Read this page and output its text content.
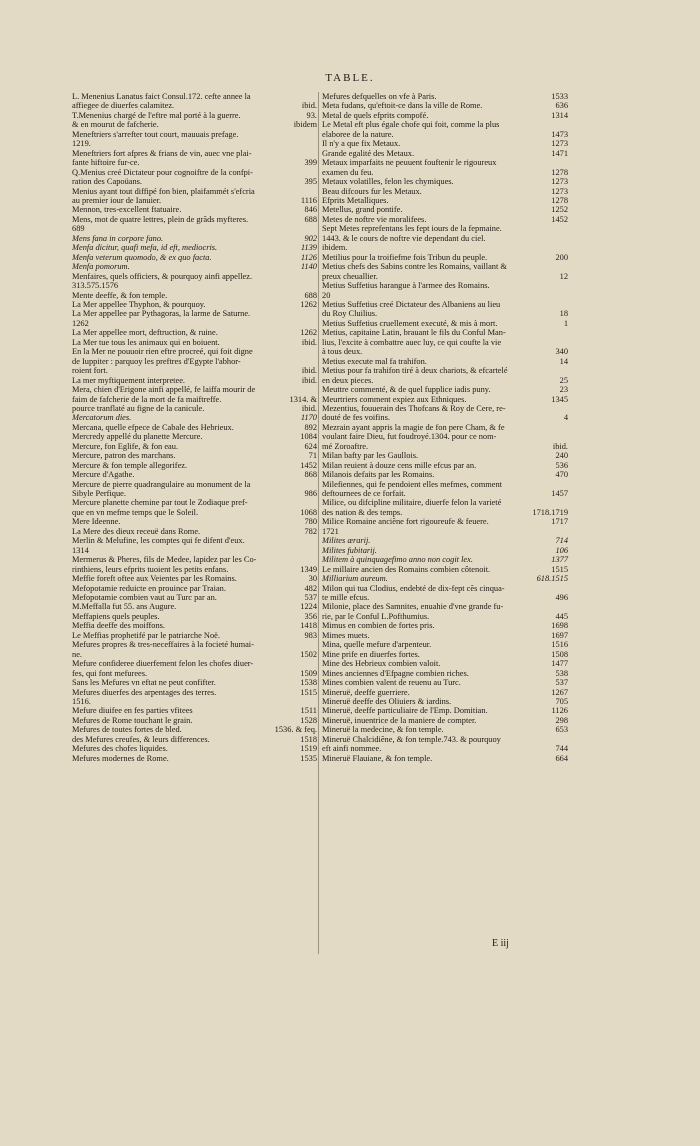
TABLE.
L. Menenius Lanatus faict Consul.172. cefte annee la
ibid.
affiegee de diuerfes calamitez.
93.
T.Menenius chargé de l'eftre mal porté à la guerre.
ibidem
& en mourut de fafcherie.
Meneftriers s'arrefter tout court, mauuais prefage.
1219.
Meneftriers fort afpres & frians de vin, auec vne plai-
399
fante hiftoire fur-ce.
Q.Menius creé Dictateur pour cognoiftre de la confpi-
395
ration des Capoüans.
Menius ayant tout diffipé fon bien, plaifammét s'efcria
1116
au premier iour de Ianuier.
846
Mennon, tres-excellent ftatuaire.
688
Mens, mot de quatre lettres, plein de grãds myfteres.
689
902
Mens fana in corpore fano.
1139
Menfa dicitur, quafi mefa, id eft, mediocris.
1126
Menfa veterum quomodo, & ex quo facta.
1140
Menfa pomorum.
Menfaires, quels officiers, & pourquoy ainfi appellez.
313.575.1576
688
Mente deeffe, & fon temple.
1262
La Mer appellee Thyphon, & pourquoy.
La Mer appellee par Pythagoras, la larme de Saturne.
1262
1262
La Mer appellee mort, deftruction, & ruine.
ibid.
La Mer tue tous les animaux qui en boiuent.
En la Mer ne pouuoir rien eftre procreé, qui foit digne
de Iuppiter : parquoy les preftres d'Egypte l'abhor-
ibid.
roient fort.
ibid.
La mer myftiquement interpretee.
Mera, chien d'Erigone ainfi appellé, fe laiffa mourir de
1314. &
faim de fafcherie de la mort de fa maiftreffe.
ibid.
pource tranflaté au figne de la canicule.
1170
Mercatorum dies.
892
Mercana, quelle efpece de Cabale des Hebrieux.
1084
Mercredy appellé du planette Mercure.
624
Mercure, fon Eglife, & fon eau.
71
Mercure, patron des marchans.
1452
Mercure & fon temple allegorifez.
868
Mercure d'Agathe.
Mercure de pierre quadrangulaire au monument de la
986
Sibyle Perfique.
Mercure planette chemine par tout le Zodiaque pref-
1068
que en vn mefme temps que le Soleil.
780
Mere Ideenne.
782
La Mere des dieux receuë dans Rome.
Merlin & Melufine, les comptes qui fe difent d'eux.
1314
Mermerus & Pheres, fils de Medee, lapidez par les Co-
1349
rinthiens, leurs efprits tuoient les petits enfans.
30
Meffie foreft oftee aux Veientes par les Romains.
482
Mefopotamie reduicte en prouince par Traian.
537
Mefopotamie combien vaut au Turc par an.
1224
M.Meffalla fut 55. ans Augure.
356
Meffapiens quels peuples.
1418
Meffia deeffe des moiffons.
983
Le Meffias prophetifé par le patriarche Noë.
Mefures propres & tres-neceffaires à la focieté humai-
1502
ne.
Mefure confideree diuerfement felon les chofes diuer-
1509
fes, qui font mefurees.
1538
Sans les Mefures vn eftat ne peut confifter.
1515
Mefures diuerfes des arpentages des terres.
1516.
1511
Mefure diuifee en fes parties vfitees
1528
Mefures de Rome touchant le grain.
1536. & feq.
Mefures de toutes fortes de bled.
1518
des Mefures creufes, & leurs differences.
1519
Mefures des chofes liquides.
1535
Mefures modernes de Rome.
1533
Mefures defquelles on vfe à Paris.
636
Meta fudans, qu'eftoit-ce dans la ville de Rome.
1314
Metal de quels efprits compofé.
Le Metal eft plus égale chofe qui foit, comme la plus
1473
elaboree de la nature.
1273
Il n'y a que fix Metaux.
1471
Grande egalité des Metaux.
Metaux imparfaits ne peuuent fouftenir le rigoureux
1278
examen du feu.
1273
Metaux volatilles, felon les chymiques.
1273
Beau difcours fur les Metaux.
1278
Efprits Metalliques.
1252
Metellus, grand pontife.
1452
Metes de noftre vie moralifees.
Sept Metes reprefentans les fept iours de la fepmaine.
1443. & le cours de noftre vie dependant du ciel.
ibidem.
200
Metilius pour la troifiefme fois Tribun du peuple.
Metius chefs des Sabins contre les Romains, vaillant &
12
preux cheuallier.
Metius Suffetius harangue à l'armee des Romains.
20
Metius Suffetius creé Dictateur des Albaniens au lieu
18
du Roy Cluilius.
1
Metius Suffetius cruellement executé, & mis à mort.
Metius, capitaine Latin, brauant le fils du Conful Man-
lius, l'excite à combattre auec luy, ce qui coufte la vie
340
à tous deux.
14
Metius execute mal fa trahifon.
Metius pour fa trahifon tiré à deux chariots, & efcartelé
25
en deux pieces.
23
Meuttre commenté, & de quel fupplice iadis puny.
1345
Meurtriers comment expiez aux Ethniques.
Mezentius, fouuerain des Thofcans & Roy de Cere, re-
4
douté de fes voifins.
Mezrain ayant appris la magie de fon pere Cham, & fe
voulant faire Dieu, fut foudroyé.1304. pour ce nom-
ibid.
mé Zoroaftre.
240
Milan bafty par les Gaullois.
536
Milan reuient à douze cens mille efcus par an.
470
Milanois defaits par les Romains.
Milefiennes, qui fe pendoient elles mefmes, comment
1457
deftournees de ce forfait.
Milice, ou difcipline militaire, diuerfe felon la varieté
1718.1719
des nation & des temps.
1717
Milice Romaine anciẽne fort rigoureufe & feuere.
1721
714
Milites ærarij.
106
Milites fubitarij.
1377
Militem à quinquagefimo anno non cogit lex.
1515
Le millaire ancien des Romains combien côtenoit.
618.1515
Milliarium aureum.
Milon qui tua Clodius, endebté de dix-fept cẽs cinqua-
496
te mille efcus.
Milonie, place des Samnites, enuahie d'vne grande fu-
445
rie, par le Conful L.Pofthumius.
1698
Mimus en combien de fortes pris.
1697
Mimes muets.
1516
Mina, quelle mefure d'arpenteur.
1508
Mine prife en diuerfes fortes.
1477
Mine des Hebrieux combien valoit.
538
Mines anciennes d'Efpagne combien riches.
537
Mines combien valent de reuenu au Turc.
1267
Mineruë, deeffe guerriere.
705
Mineruë deeffe des Oliuiers & iardins.
1126
Mineruë, deeffe particuliaire de l'Emp. Domitian.
298
Mineruë, inuentrice de la maniere de compter.
653
Mineruë la medecine, & fon temple.
Mineruë Chalcidiẽne, & fon temple.743. & pourquoy
744
eft ainfi nommee.
664
Mineruë Flauiane, & fon temple.
E iij
